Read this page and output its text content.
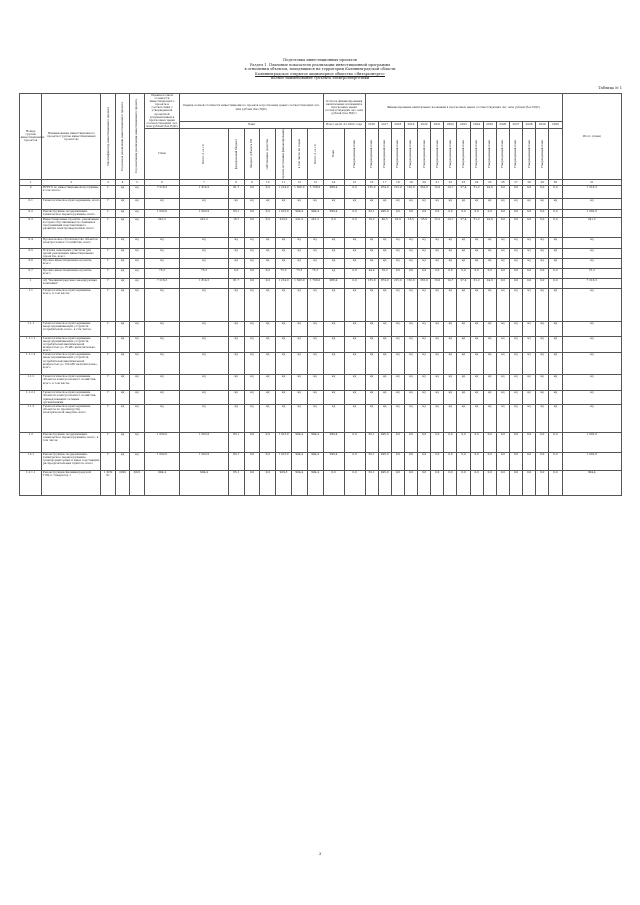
Подготовка инвестиционных проектов
Раздел 1. Плановые показатели реализации инвестиционной программы
в отношении объектов, находящихся на территории Калининградской области
Калининградское открытое акционерное общество «Янтарьэнерго»
полное наименование субъекта электроэнергетики
Таблица № 1
Номер группы инвестиционных проектов	Наименование инвестиционного проекта (группы инвестиционных проектов)	Идентификатор инвестиционного проекта	Год начала реализации инвестиционного проекта	Год окончания реализации инвестиционного проекта	Оценка полной стоимости инвестиционного проекта в соответствии с утвержденной проектной документацией в прогнозных ценах соответствующих лет, млн рублей (без НДС)	Оценка полной стоимости инвестиционного проекта в прогнозных ценах соответствующих лет, млн рублей (без НДС)							Остаток финансирования капитальных вложений в прогнозных ценах соответствующих лет, млн рублей (без НДС)		Финансирование капитальных вложений в прогнозных ценах соответствующих лет, млн рублей (без НДС)															Итого (план)
						План							Всего на 01.01.2022 года		2016	2017	2018	2019	2020	2021	2022	2023	2024	2025	2026	2027	2028	2029	2030	
					План	Всего (1+2+3)	федеральный бюджет	бюджет субъекта РФ	собственные средства	прочие источники финансирования	в том числе по годам	Всего (1+2+3)	План	Утвержденный план	Утвержденный план	Утвержденный план	Утвержденный план	Утвержденный план	Утвержденный план	Утвержденный план	Утвержденный план	Утвержденный план	Утвержденный план	Утвержденный план	Утвержденный план	Утвержденный план	Утвержденный план	Утвержденный план		

1	2	3	4	5	6	7	8	9	10	11	12	13	14	15	16	17	18	19	20	21	22	23	24	25	26	27	28	29	30	31
0	ВСЕГО по инвестиционной программе, в том числе:	Г	нд	нд	7 216,3	1 814,5	81,7	0,0	0,0	1 214,0	1 508,0	1 708,0	988,4	0,0	135,0	974,0	215,0	181,0	361,0	13,0	14,7	27,4	31,2	24,9	0,0	0,0	0,0	0,0	0,0	7 216,3
0.1	Технологическое присоединение, всего	Г	нд	нд	нд	нд	нд	нд	нд	нд	нд	нд	нд	нд	нд	нд	нд	нд	нд	нд	нд	нд	нд	нд	нд	нд	нд	нд	нд	нд
0.2	Реконструкция, модернизация, техническое перевооружение, всего	Г	нд	нд	1 002,0	1 002,0	83,1	0,0	0,0	1 013,0	994,4	994,4	999,4	0,0	62,1	495,0	0,0	0,0	0,0	0,0	0,0	0,0	0,0	0,0	0,0	0,0	0,0	0,0	0,0	1 002,0
0.3	Инвестиционные проекты, реализация которых обуславливается схемами и программами перспективного развития электроэнергетики, всего	Г	нд	нд	241,2	241,2	16,7	0,0	0,0	224,5	241,2	241,2	0,0	0,0	19,2	40,5	23,0	18,5	23,0	13,2	14,7	27,4	31,2	24,9	0,0	0,0	0,0	0,0	0,0	241,2
0.4	Прочее новое строительство объектов электросетевого хозяйства, всего	Г	нд	нд	нд	нд	нд	нд	нд	нд	нд	нд	нд	нд	нд	нд	нд	нд	нд	нд	нд	нд	нд	нд	нд	нд	нд	нд	нд	нд
0.5	Покупка земельных участков для целей реализации инвестиционных проектов, всего	Г	нд	нд	нд	нд	нд	нд	нд	нд	нд	нд	нд	нд	нд	нд	нд	нд	нд	нд	нд	нд	нд	нд	нд	нд	нд	нд	нд	нд
0.6	Прочие инвестиционные проекты, всего	Г	нд	нд	нд	нд	нд	нд	нд	нд	нд	нд	нд	нд	нд	нд	нд	нд	нд	нд	нд	нд	нд	нд	нд	нд	нд	нд	нд	нд
0.7	Прочие инвестиционные проекты, всего	Г	нд	нд	75,3	75,3	0,0	0,0	0,0	75,3	75,3	75,3	нд	0,0	44,4	33,2	0,0	0,0	0,0	0,0	0,0	0,0	0,0	0,0	0,0	0,0	0,0	0,0	0,0	75,3
1	АО "Калининградская генерирующая компания"	Г	нд	нд	7 216,3	1 814,5	81,7	0,0	0,0	1 214,0	1 508,0	1 708,0	988,4	0,0	135,0	974,0	215,0	181,0	361,0	13,0	14,7	27,4	31,2	24,9	0,0	0,0	0,0	0,0	0,0	7 216,3
1.1	Технологическое присоединение, всего, в том числе:	Г	нд	нд	нд	нд	нд	нд	нд	нд	нд	нд	нд	нд	нд	нд	нд	нд	нд	нд	нд	нд	нд	нд	нд	нд	нд	нд	нд	нд
1.1.1	Технологическое присоединение энергопринимающих устройств потребителей, всего, в том числе:	Г	нд	нд	нд	нд	нд	нд	нд	нд	нд	нд	нд	нд	нд	нд	нд	нд	нд	нд	нд	нд	нд	нд	нд	нд	нд	нд	нд	нд
1.1.1.1	Технологическое присоединение энергопринимающих устройств потребителей максимальной мощностью до 15 кВт включительно, всего	Г	нд	нд	нд	нд	нд	нд	нд	нд	нд	нд	нд	нд	нд	нд	нд	нд	нд	нд	нд	нд	нд	нд	нд	нд	нд	нд	нд	нд
1.1.1.2	Технологическое присоединение энергопринимающих устройств потребителей максимальной мощностью до 150 кВт включительно, всего	Г	нд	нд	нд	нд	нд	нд	нд	нд	нд	нд	нд	нд	нд	нд	нд	нд	нд	нд	нд	нд	нд	нд	нд	нд	нд	нд	нд	нд
1.1.2	Технологическое присоединение объектов электросетевого хозяйства, всего, в том числе:	Г	нд	нд	нд	нд	нд	нд	нд	нд	нд	нд	нд	нд	нд	нд	нд	нд	нд	нд	нд	нд	нд	нд	нд	нд	нд	нд	нд	нд
1.1.2.1	Технологическое присоединение объектов электросетевого хозяйства, принадлежащих сетевым организациям	Г	нд	нд	нд	нд	нд	нд	нд	нд	нд	нд	нд	нд	нд	нд	нд	нд	нд	нд	нд	нд	нд	нд	нд	нд	нд	нд	нд	нд
1.1.3	Технологическое присоединение объектов по производству электрической энергии, всего	Г	нд	нд	нд	нд	нд	нд	нд	нд	нд	нд	нд	нд	нд	нд	нд	нд	нд	нд	нд	нд	нд	нд	нд	нд	нд	нд	нд	нд
1.2	Реконструкция, модернизация, техническое перевооружение, всего, в том числе:	Г	нд	нд	1 002,0	1 002,0	83,1	0,0	0,0	1 013,0	994,4	994,4	999,4	0,0	62,1	495,0	0,0	0,0	0,0	0,0	0,0	0,0	0,0	0,0	0,0	0,0	0,0	0,0	0,0	1 002,0
1.2.1	Реконструкция, модернизация, техническое перевооружение трансформаторных и иных подстанций, распределительных пунктов, всего	Г	нд	нд	1 002,0	1 002,0	83,1	0,0	0,0	1 013,0	994,4	994,4	999,4	0,0	62,1	495,0	0,0	0,0	0,0	0,0	0,0	0,0	0,0	0,0	0,0	0,0	0,0	0,0	0,0	1 002,0
1.2.1.1	Реконструкция Калининградской ТЭЦ-2, Генератор 1	1 КГК 01	2020	2021	994,4	994,4	65,1	0,0	0,0	929,3	994,4	994,4	0,0	0,0	62,1	495,0	0,0	0,0	0,0	0,0	0,0	0,0	0,0	0,0	0,0	0,0	0,0	0,0	0,0	994,4
3
